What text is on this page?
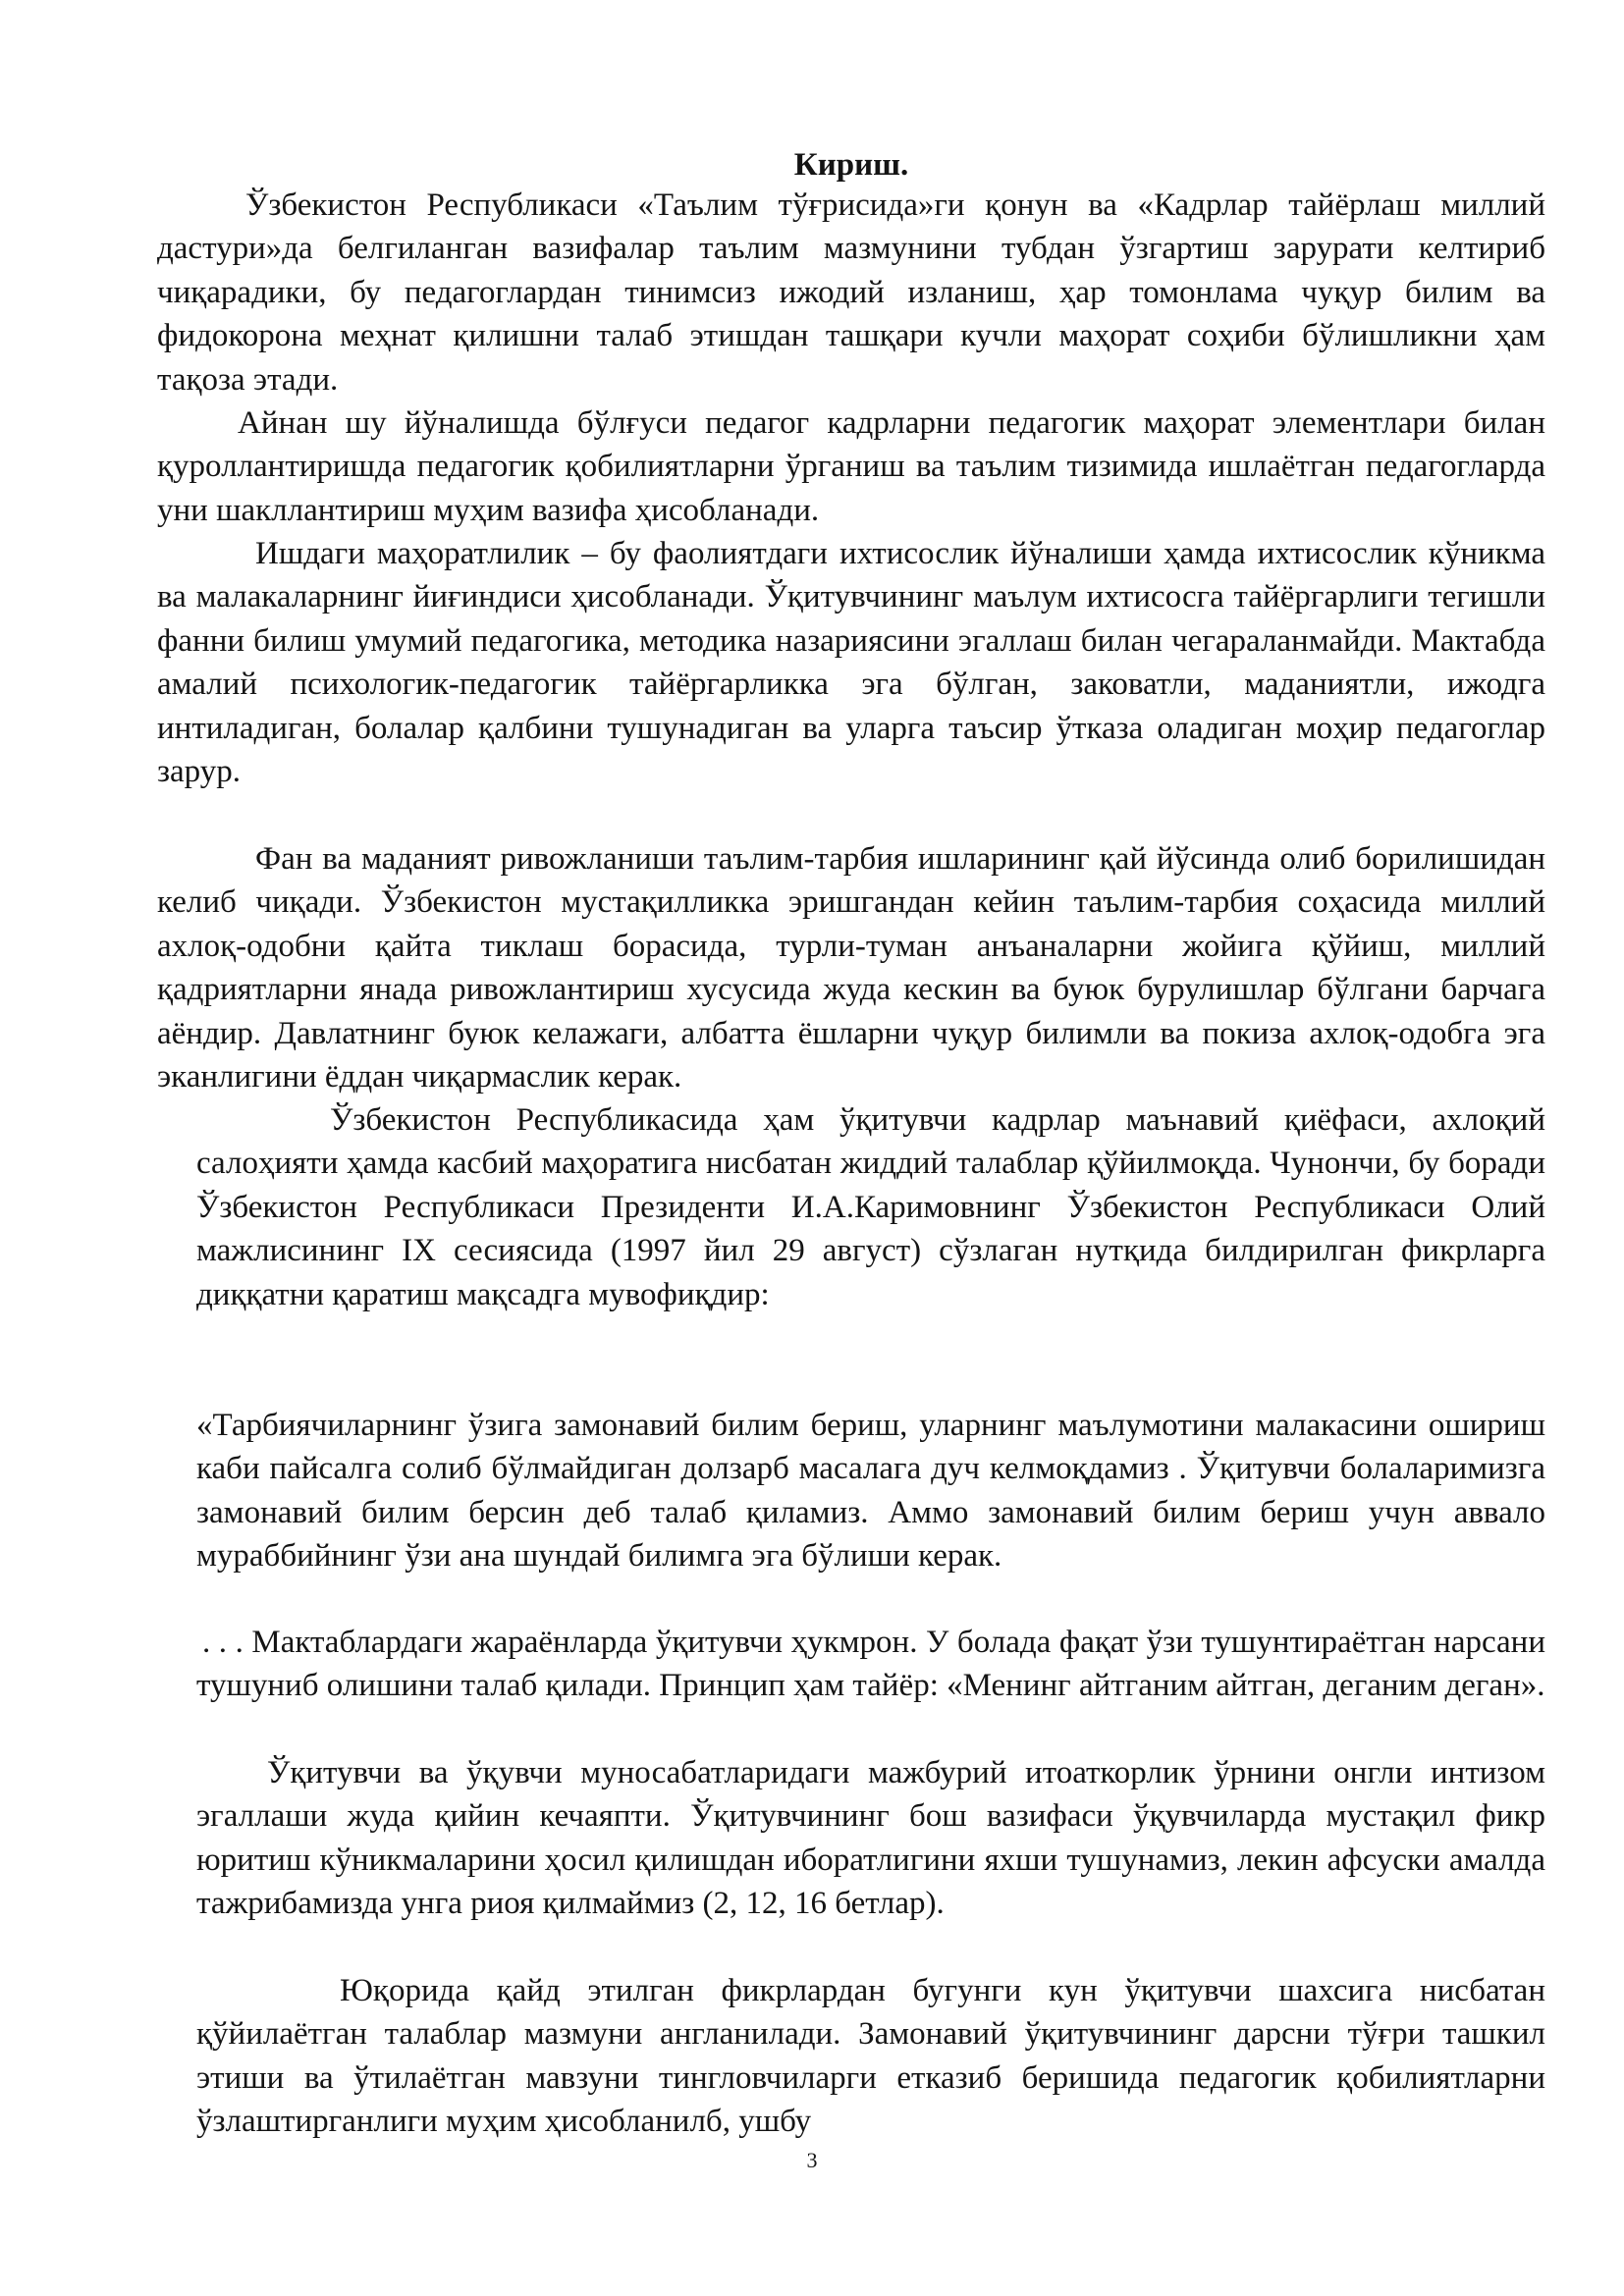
Кириш.

Ўзбекистон Республикаси «Таълим тўғрисида»ги қонун ва «Кадрлар тайёрлаш миллий дастури»да белгиланган вазифалар таълим мазмунини тубдан ўзгартиш зарурати келтириб чиқарадики, бу педагоглардан тинимсиз ижодий изланиш, ҳар томонлама чуқур билим ва фидокорона меҳнат қилишни талаб этишдан ташқари кучли маҳорат соҳиби бўлишликни ҳам тақоза этади.

Айнан шу йўналишда бўлғуси педагог кадрларни педагогик маҳорат элементлари билан қуроллантиришда педагогик қобилиятларни ўрганиш ва таълим тизимида ишлаётган педагогларда уни шакллантириш муҳим вазифа ҳисобланади.

Ишдаги маҳоратлилик – бу фаолиятдаги ихтисослик йўналиши ҳамда ихтисослик кўникма ва малакаларнинг йиғиндиси ҳисобланади. Ўқитувчининг маълум ихтисосга тайёргарлиги тегишли фанни билиш умумий педагогика, методика назариясини эгаллаш билан чегараланмайди. Мактабда амалий психологик-педагогик тайёргарликка эга бўлган, заковатли, маданиятли, ижодга интиладиган, болалар қалбини тушунадиган ва уларга таъсир ўтказа оладиган моҳир педагоглар зарур.

Фан ва маданият ривожланиши таълим-тарбия ишларининг қай йўсинда олиб борилишидан келиб чиқади. Ўзбекистон мустақилликка эришгандан кейин таълим-тарбия соҳасида миллий ахлоқ-одобни қайта тиклаш борасида, турли-туман анъаналарни жойига қўйиш, миллий қадриятларни янада ривожлантириш хусусида жуда кескин ва буюк бурулишлар бўлгани барчага аёндир. Давлатнинг буюк келажаги, албатта ёшларни чуқур билимли ва покиза ахлоқ-одобга эга эканлигини ёддан чиқармаслик керак.

Ўзбекистон Республикасида ҳам ўқитувчи кадрлар маънавий қиёфаси, ахлоқий салоҳияти ҳамда касбий маҳоратига нисбатан жиддий талаблар қўйилмоқда. Чунончи, бу боради Ўзбекистон Республикаси Президенти И.А.Каримовнинг Ўзбекистон Республикаси Олий мажлисининг IX сесиясида (1997 йил 29 август) сўзлаган нутқида билдирилган фикрларга диққатни қаратиш мақсадга мувофиқдир:

«Тарбиячиларнинг ўзига замонавий билим бериш, уларнинг маълумотини малакасини ошириш каби пайсалга солиб бўлмайдиган долзарб масалага дуч келмоқдамиз . Ўқитувчи болаларимизга замонавий билим берсин деб талаб қиламиз. Аммо замонавий билим бериш учун аввало мураббийнинг ўзи ана шундай билимга эга бўлиши керак.

. . . Мактаблардаги жараёнларда ўқитувчи ҳукмрон. У болада фақат ўзи тушунтираётган нарсани тушуниб олишини талаб қилади. Принцип ҳам тайёр: «Менинг айтганим айтган, деганим деган».

Ўқитувчи ва ўқувчи муносабатларидаги мажбурий итоаткорлик ўрнини онгли интизом эгаллаши жуда қийин кечаяпти. Ўқитувчининг бош вазифаси ўқувчиларда мустақил фикр юритиш кўникмаларини ҳосил қилишдан иборатлигини яхши тушунамиз, лекин афсуски амалда тажрибамизда унга риоя қилмаймиз (2, 12, 16 бетлар).

Юқорида қайд этилган фикрлардан бугунги кун ўқитувчи шахсига нисбатан қўйилаётган талаблар мазмуни англанилади. Замонавий ўқитувчининг дарсни тўғри ташкил этиши ва ўтилаётган мавзуни тингловчиларги етказиб беришида педагогик қобилиятларни ўзлаштирганлиги муҳим ҳисобланилб, ушбу

3
